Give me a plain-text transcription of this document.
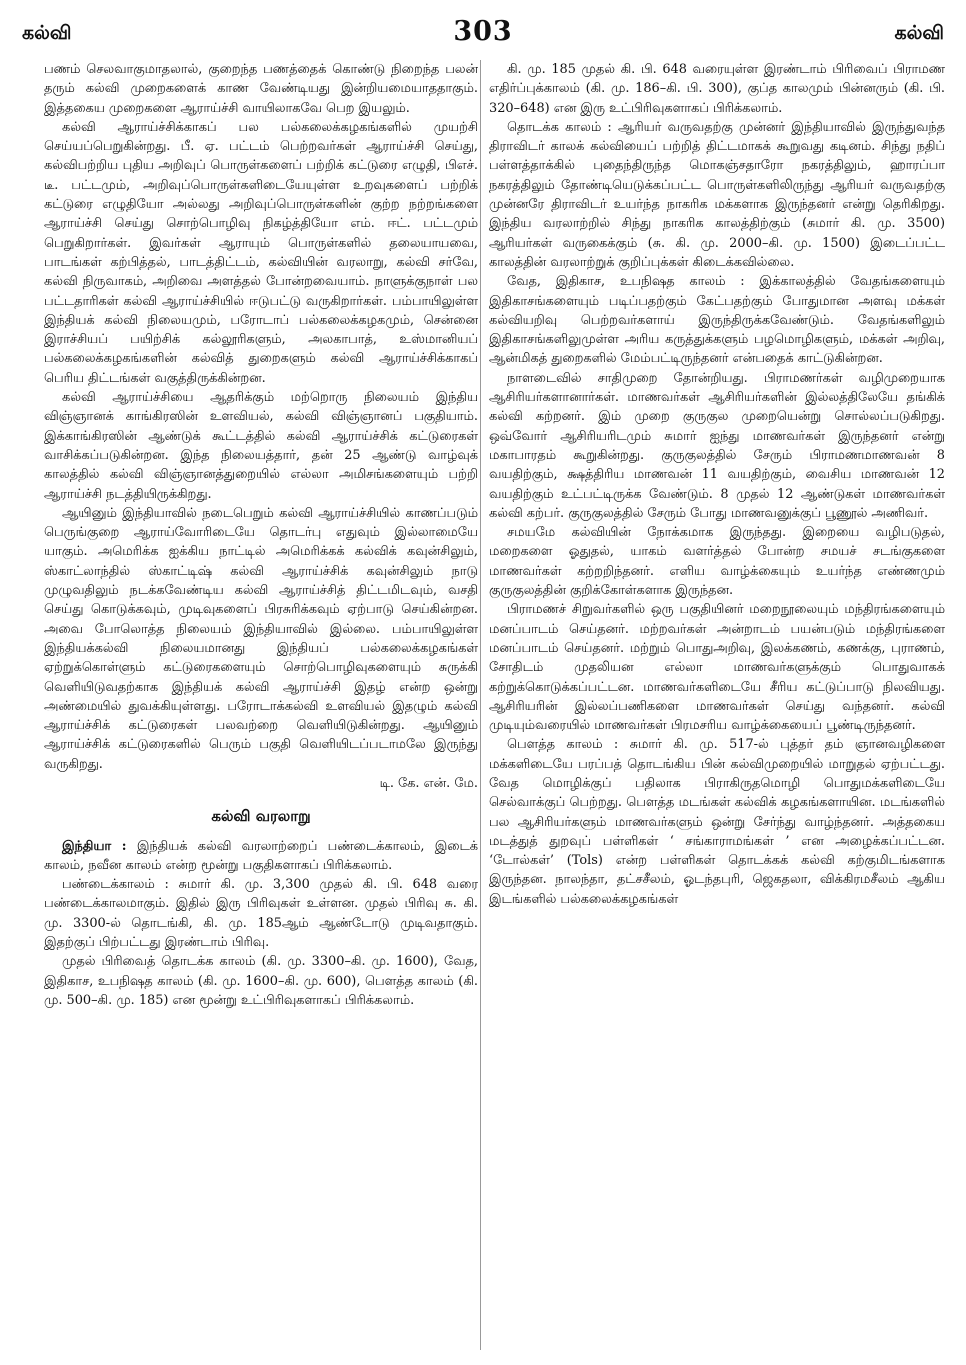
கல்வி	303	கல்வி

பணம் செலவாகுமாதலால், குறைந்த பணத்தைக் கொண்டு நிறைந்த பலன் தரும் கல்வி முறைகளைக் காண வேண்டியது இன்றியமையாததாகும். இத்தகைய முறைகளை ஆராய்ச்சி வாயிலாகவே பெற இயலும்.

கல்வி ஆராய்ச்சிக்காகப் பல பல்கலைக்கழகங்களில் முயற்சி செய்யப்பெறுகின்றது. பீ. ஏ. பட்டம் பெற்றவர்கள் ஆராய்ச்சி செய்து, கல்விபற்றிய புதிய அறிவுப் பொருள்களைப் பற்றிக் கட்டுரை எழுதி, பிஎச். டீ. பட்டமும், அறிவுப்பொருள்களிடையேயுள்ள உறவுகளைப் பற்றிக் கட்டுரை எழுதியோ அல்லது அறிவுப்பொருள்களின் குற்ற நற்றங்களை ஆராய்ச்சி செய்து சொற்பொழிவு நிகழ்த்தியோ எம். ஈட். பட்டமும் பெறுகிறார்கள். இவர்கள் ஆராயும் பொருள்களில் தலையாயவை, பாடங்கள் கற்பித்தல், பாடத்திட்டம், கல்வியின் வரலாறு, கல்வி சர்வே, கல்வி நிருவாகம், அறிவை அளத்தல் போன்றவையாம். நாளுக்குநாள் பல பட்டதாரிகள் கல்வி ஆராய்ச்சியில் ஈடுபட்டு வருகிறார்கள். பம்பாயிலுள்ள இந்தியக் கல்வி நிலையமும், பரோடாப் பல்கலைக்கழகமும், சென்னை இராச்சியப் பயிற்சிக் கல்லூரிகளும், அலகாபாத், உஸ்மானியப் பல்கலைக்கழகங்களின் கல்வித் துறைகளும் கல்வி ஆராய்ச்சிக்காகப் பெரிய திட்டங்கள் வகுத்திருக்கின்றன.

கல்வி ஆராய்ச்சியை ஆதரிக்கும் மற்றொரு நிலையம் இந்திய விஞ்ஞானக் காங்கிரஸின் உளவியல், கல்வி விஞ்ஞானப் பகுதியாம். இக்காங்கிரஸின் ஆண்டுக் கூட்டத்தில் கல்வி ஆராய்ச்சிக் கட்டுரைகள் வாசிக்கப்படுகின்றன. இந்த நிலையத்தார், தன் 25 ஆண்டு வாழ்வுக் காலத்தில் கல்வி விஞ்ஞானத்துறையில் எல்லா அமிசங்களையும் பற்றி ஆராய்ச்சி நடத்தியிருக்கிறது.

ஆயினும் இந்தியாவில் நடைபெறும் கல்வி ஆராய்ச்சியில் காணப்படும் பெருங்குறை ஆராய்வோரிடையே தொடர்பு எதுவும் இல்லாமையே யாகும். அமெரிக்க ஐக்கிய நாட்டில் அமெரிக்கக் கல்விக் கவுன்சிலும், ஸ்காட்லாந்தில் ஸ்காட்டிஷ் கல்வி ஆராய்ச்சிக் கவுன்சிலும் நாடு முழுவதிலும் நடக்கவேண்டிய கல்வி ஆராய்ச்சித் திட்டமிடவும், வசதி செய்து கொடுக்கவும், முடிவுகளைப் பிரசுரிக்கவும் ஏற்பாடு செய்கின்றன. அவை போலொத்த நிலையம் இந்தியாவில் இல்லை. பம்பாயிலுள்ள இந்தியக்கல்வி நிலையமானது இந்தியப் பல்கலைக்கழகங்கள் ஏற்றுக்கொள்ளும் கட்டுரைகளையும் சொற்பொழிவுகளையும் சுருக்கி வெளியிடுவதற்காக இந்தியக் கல்வி ஆராய்ச்சி இதழ் என்ற ஒன்று அண்மையில் துவக்கியுள்ளது. பரோடாக்கல்வி உளவியல் இதழும் கல்வி ஆராய்ச்சிக் கட்டுரைகள் பலவற்றை வெளியிடுகின்றது. ஆயினும் ஆராய்ச்சிக் கட்டுரைகளில் பெரும் பகுதி வெளியிடப்படாமலே இருந்து வருகிறது.

டி. கே. என். மே.
கல்வி வரலாறு

இந்தியா : இந்தியக் கல்வி வரலாற்றைப் பண்டைக்காலம், இடைக் காலம், நவீன காலம் என்ற மூன்று பகுதிகளாகப் பிரிக்கலாம்.

பண்டைக்காலம் : சுமார் கி. மு. 3,300 முதல் கி. பி. 648 வரை பண்டைக்காலமாகும். இதில் இரு பிரிவுகள் உள்ளன. முதல் பிரிவு சு. கி. மு. 3300-ல் தொடங்கி, கி. மு. 185ஆம் ஆண்டோடு முடிவதாகும். இதற்குப் பிற்பட்டது இரண்டாம் பிரிவு.

முதல் பிரிவைத் தொடக்க காலம் (கி. மு. 3300–கி. மு. 1600), வேத, இதிகாச, உபநிஷத காலம் (கி. மு. 1600–கி. மு. 600), பௌத்த காலம் (கி. மு. 500–கி. மு. 185) என மூன்று உட்பிரிவுகளாகப் பிரிக்கலாம்.

கி. மு. 185 முதல் கி. பி. 648 வரையுள்ள இரண்டாம் பிரிவைப் பிராமண எதிர்ப்புக்காலம் (கி. மு. 186–கி. பி. 300), குப்த காலமும் பின்னரும் (கி. பி. 320–648) என இரு உட்பிரிவுகளாகப் பிரிக்கலாம்.

தொடக்க காலம் : ஆரியர் வருவதற்கு முன்னர் இந்தியாவில் இருந்துவந்த திராவிடர் காலக் கல்வியைப் பற்றித் திட்டமாகக் கூறுவது கடினம். சிந்து நதிப் பள்ளத்தாக்கில் புதைந்திருந்த மொகஞ்சதாரோ நகரத்திலும், ஹாரப்பா நகரத்திலும் தோண்டியெடுக்கப்பட்ட பொருள்களிலிருந்து ஆரியர் வருவதற்கு முன்னரே திராவிடர் உயர்ந்த நாகரிக மக்களாக இருந்தனர் என்று தெரிகிறது. இந்திய வரலாற்றில் சிந்து நாகரிக காலத்திற்கும் (சுமார் கி. மு. 3500) ஆரியர்கள் வருகைக்கும் (சு. கி. மு. 2000–கி. மு. 1500) இடைப்பட்ட காலத்தின் வரலாற்றுக் குறிப்புக்கள் கிடைக்கவில்லை.

வேத, இதிகாச, உபநிஷத காலம் : இக்காலத்தில் வேதங்களையும் இதிகாசங்களையும் படிப்பதற்கும் கேட்பதற்கும் போதுமான அளவு மக்கள் கல்வியறிவு பெற்றவர்களாய் இருந்திருக்கவேண்டும். வேதங்களிலும் இதிகாசங்களிலுமுள்ள அரிய கருத்துக்களும் பழமொழிகளும், மக்கள் அறிவு, ஆன்மிகத் துறைகளில் மேம்பட்டிருந்தனர் என்பதைக் காட்டுகின்றன.

நாளடைவில் சாதிமுறை தோன்றியது. பிராமணர்கள் வழிமுறையாக ஆசிரியர்களானார்கள். மாணவர்கள் ஆசிரியர்களின் இல்லத்திலேயே தங்கிக் கல்வி கற்றனர். இம் முறை குருகுல முறையென்று சொல்லப்படுகிறது. ஒவ்வோர் ஆசிரியரிடமும் சுமார் ஐந்து மாணவர்கள் இருந்தனர் என்று மகாபாரதம் கூறுகின்றது. குருகுலத்தில் சேரும் பிராமணமாணவன் 8 வயதிற்கும், க்ஷத்திரிய மாணவன் 11 வயதிற்கும், வைசிய மாணவன் 12 வயதிற்கும் உட்பட்டிருக்க வேண்டும். 8 முதல் 12 ஆண்டுகள் மாணவர்கள் கல்வி கற்பர். குருகுலத்தில் சேரும் போது மாணவனுக்குப் பூணூல் அணிவர்.

சமயமே கல்வியின் நோக்கமாக இருந்தது. இறையை வழிபடுதல், மறைகளை ஓதுதல், யாகம் வளர்த்தல் போன்ற சமயச் சடங்குகளை மாணவர்கள் கற்றறிந்தனர். எளிய வாழ்க்கையும் உயர்ந்த எண்ணமும் குருகுலத்தின் குறிக்கோள்களாக இருந்தன.

பிராமணச் சிறுவர்களில் ஒரு பகுதியினர் மறைநூலையும் மந்திரங்களையும் மனப்பாடம் செய்தனர். மற்றவர்கள் அன்றாடம் பயன்படும் மந்திரங்களை மனப்பாடம் செய்தனர். மற்றும் பொதுஅறிவு, இலக்கணம், கணக்கு, புராணம், சோதிடம் முதலியன எல்லா மாணவர்களுக்கும் பொதுவாகக் கற்றுக்கொடுக்கப்பட்டன. மாணவர்களிடையே சீரிய கட்டுப்பாடு நிலவியது. ஆசிரியரின் இல்லப்பணிகளை மாணவர்கள் செய்து வந்தனர். கல்வி முடியும்வரையில் மாணவர்கள் பிரமசரிய வாழ்க்கையைப் பூண்டிருந்தனர்.

பௌத்த காலம் : சுமார் கி. மு. 517-ல் புத்தர் தம் ஞானவழிகளை மக்களிடையே பரப்பத் தொடங்கிய பின் கல்விமுறையில் மாறுதல் ஏற்பட்டது. வேத மொழிக்குப் பதிலாக பிராகிருதமொழி பொதுமக்களிடையே செல்வாக்குப் பெற்றது. பௌத்த மடங்கள் கல்விக் கழகங்களாயின. மடங்களில் பல ஆசிரியர்களும் மாணவர்களும் ஒன்று சேர்ந்து வாழ்ந்தனர். அத்தகைய மடத்துத் துறவுப் பள்ளிகள் ‘ சங்காராமங்கள் ’ என அழைக்கப்பட்டன. ‘டோல்கள்’ (Tols) என்ற பள்ளிகள் தொடக்கக் கல்வி கற்குமிடங்களாக இருந்தன. நாலந்தா, தட்சசீலம், ஓடந்தபுரி, ஜெகதலா, விக்கிரமசீலம் ஆகிய இடங்களில் பல்கலைக்கழகங்கள்
